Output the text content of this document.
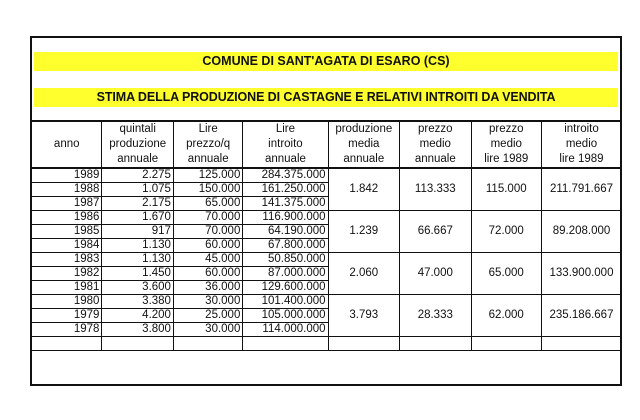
COMUNE DI SANT'AGATA DI ESARO (CS)
STIMA DELLA PRODUZIONE DI CASTAGNE E RELATIVI INTROITI DA VENDITA
	quintali	Lire	Lire	produzione	prezzo	prezzo	introito
anno	produzione	prezzo/q	introito	media	medio	medio	medio
	annuale	annuale	annuale	annuale	annuale	lire 1989	lire 1989
1989	2.275	125.000	284.375.000	1.842	113.333	115.000	211.791.667
1988	1.075	150.000	161.250.000				
1987	2.175	65.000	141.375.000				
1986	1.670	70.000	116.900.000	1.239	66.667	72.000	89.208.000
1985	917	70.000	64.190.000				
1984	1.130	60.000	67.800.000				
1983	1.130	45.000	50.850.000	2.060	47.000	65.000	133.900.000
1982	1.450	60.000	87.000.000				
1981	3.600	36.000	129.600.000				
1980	3.380	30.000	101.400.000	3.793	28.333	62.000	235.186.667
1979	4.200	25.000	105.000.000				
1978	3.800	30.000	114.000.000				
